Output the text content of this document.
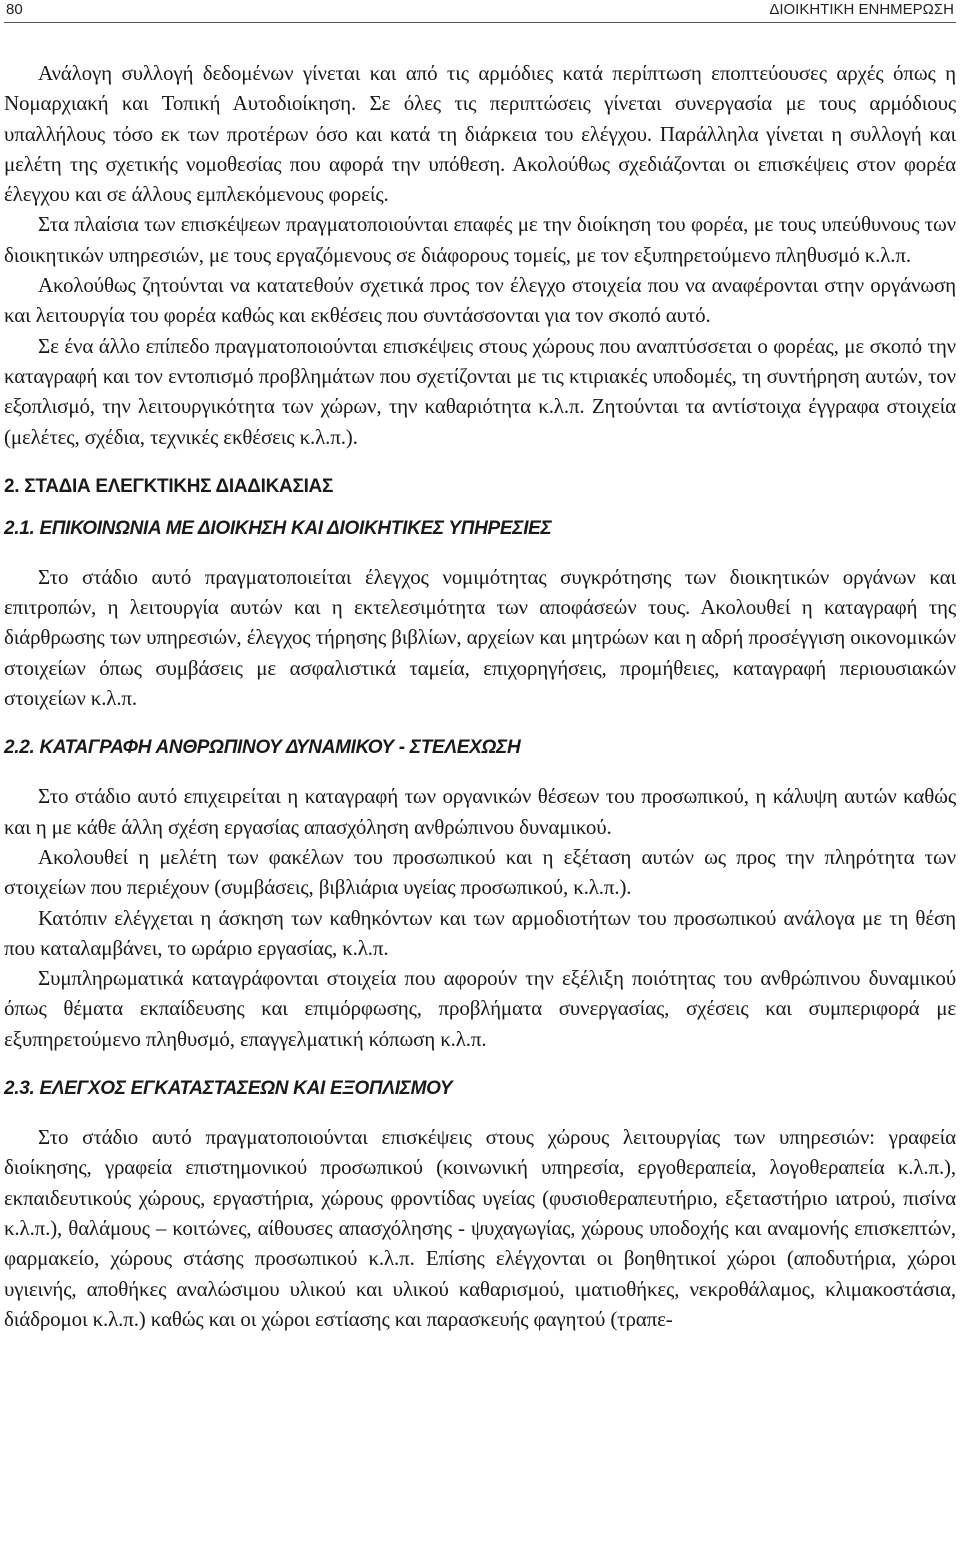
80	ΔΙΟΙΚΗΤΙΚΗ ΕΝΗΜΕΡΩΣΗ

Ανάλογη συλλογή δεδομένων γίνεται και από τις αρμόδιες κατά περίπτωση εποπτεύουσες αρχές όπως η Νομαρχιακή και Τοπική Αυτοδιοίκηση. Σε όλες τις περιπτώσεις γίνεται συνεργασία με τους αρμόδιους υπαλλήλους τόσο εκ των προτέρων όσο και κατά τη διάρκεια του ελέγχου. Παράλληλα γίνεται η συλλογή και μελέτη της σχετικής νομοθεσίας που αφορά την υπόθεση. Ακολούθως σχεδιάζονται οι επισκέψεις στον φορέα έλεγχου και σε άλλους εμπλεκόμενους φορείς.

Στα πλαίσια των επισκέψεων πραγματοποιούνται επαφές με την διοίκηση του φορέα, με τους υπεύθυνους των διοικητικών υπηρεσιών, με τους εργαζόμενους σε διάφορους τομείς, με τον εξυπηρετούμενο πληθυσμό κ.λ.π.

Ακολούθως ζητούνται να κατατεθούν σχετικά προς τον έλεγχο στοιχεία που να αναφέρονται στην οργάνωση και λειτουργία του φορέα καθώς και εκθέσεις που συντάσσονται για τον σκοπό αυτό.

Σε ένα άλλο επίπεδο πραγματοποιούνται επισκέψεις στους χώρους που αναπτύσσεται ο φορέας, με σκοπό την καταγραφή και τον εντοπισμό προβλημάτων που σχετίζονται με τις κτιριακές υποδομές, τη συντήρηση αυτών, τον εξοπλισμό, την λειτουργικότητα των χώρων, την καθαριότητα κ.λ.π. Ζητούνται τα αντίστοιχα έγγραφα στοιχεία (μελέτες, σχέδια, τεχνικές εκθέσεις κ.λ.π.).

2. ΣΤΑΔΙΑ ΕΛΕΓΚΤΙΚΗΣ ΔΙΑΔΙΚΑΣΙΑΣ
2.1. ΕΠΙΚΟΙΝΩΝΙΑ ΜΕ ΔΙΟΙΚΗΣΗ ΚΑΙ ΔΙΟΙΚΗΤΙΚΕΣ ΥΠΗΡΕΣΙΕΣ

Στο στάδιο αυτό πραγματοποιείται έλεγχος νομιμότητας συγκρότησης των διοικητικών οργάνων και επιτροπών, η λειτουργία αυτών και η εκτελεσιμότητα των αποφάσεών τους. Ακολουθεί η καταγραφή της διάρθρωσης των υπηρεσιών, έλεγχος τήρησης βιβλίων, αρχείων και μητρώων και η αδρή προσέγγιση οικονομικών στοιχείων όπως συμβάσεις με ασφαλιστικά ταμεία, επιχορηγήσεις, προμήθειες, καταγραφή περιουσιακών στοιχείων κ.λ.π.

2.2. ΚΑΤΑΓΡΑΦΗ ΑΝΘΡΩΠΙΝΟΥ ΔΥΝΑΜΙΚΟΥ - ΣΤΕΛΕΧΩΣΗ

Στο στάδιο αυτό επιχειρείται η καταγραφή των οργανικών θέσεων του προσωπικού, η κάλυψη αυτών καθώς και η με κάθε άλλη σχέση εργασίας απασχόληση ανθρώπινου δυναμικού.

Ακολουθεί η μελέτη των φακέλων του προσωπικού και η εξέταση αυτών ως προς την πληρότητα των στοιχείων που περιέχουν (συμβάσεις, βιβλιάρια υγείας προσωπικού, κ.λ.π.).

Κατόπιν ελέγχεται η άσκηση των καθηκόντων και των αρμοδιοτήτων του προσωπικού ανάλογα με τη θέση που καταλαμβάνει, το ωράριο εργασίας, κ.λ.π.

Συμπληρωματικά καταγράφονται στοιχεία που αφορούν την εξέλιξη ποιότητας του ανθρώπινου δυναμικού όπως θέματα εκπαίδευσης και επιμόρφωσης, προβλήματα συνεργασίας, σχέσεις και συμπεριφορά με εξυπηρετούμενο πληθυσμό, επαγγελματική κόπωση κ.λ.π.

2.3. ΕΛΕΓΧΟΣ ΕΓΚΑΤΑΣΤΑΣΕΩΝ ΚΑΙ ΕΞΟΠΛΙΣΜΟΥ

Στο στάδιο αυτό πραγματοποιούνται επισκέψεις στους χώρους λειτουργίας των υπηρεσιών: γραφεία διοίκησης, γραφεία επιστημονικού προσωπικού (κοινωνική υπηρεσία, εργοθεραπεία, λογοθεραπεία κ.λ.π.), εκπαιδευτικούς χώρους, εργαστήρια, χώρους φροντίδας υγείας (φυσιοθεραπευτήριο, εξεταστήριο ιατρού, πισίνα κ.λ.π.), θαλάμους – κοιτώνες, αίθουσες απασχόλησης - ψυχαγωγίας, χώρους υποδοχής και αναμονής επισκεπτών, φαρμακείο, χώρους στάσης προσωπικού κ.λ.π. Επίσης ελέγχονται οι βοηθητικοί χώροι (αποδυτήρια, χώροι υγιεινής, αποθήκες αναλώσιμου υλικού και υλικού καθαρισμού, ιματιοθήκες, νεκροθάλαμος, κλιμακοστάσια, διάδρομοι κ.λ.π.) καθώς και οι χώροι εστίασης και παρασκευής φαγητού (τραπε-
